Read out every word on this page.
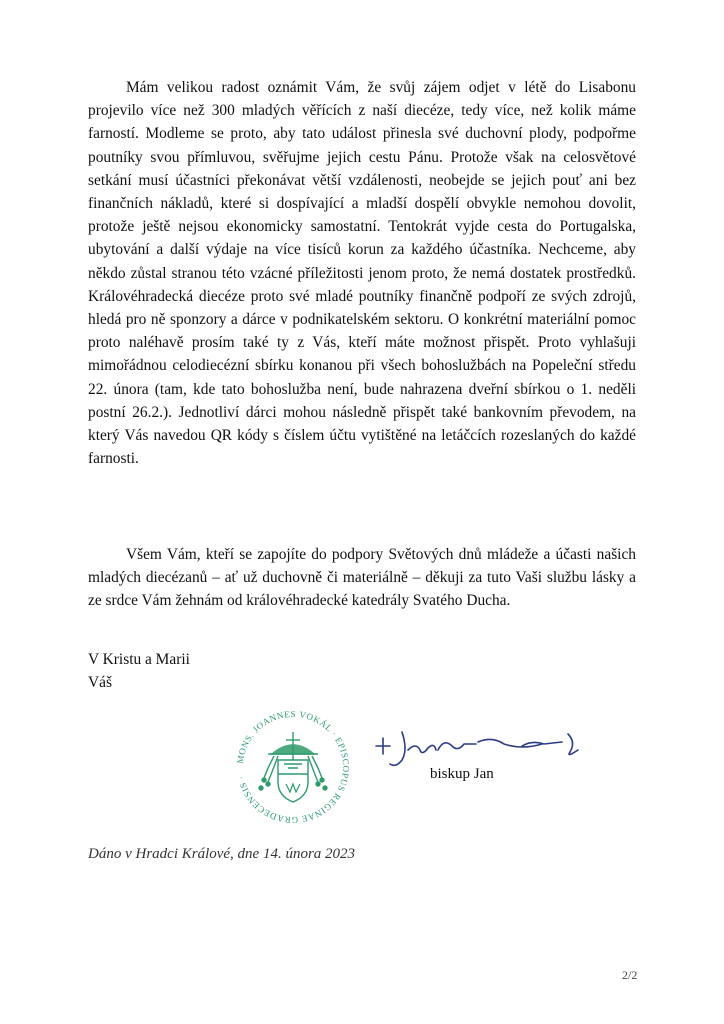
Mám velikou radost oznámit Vám, že svůj zájem odjet v létě do Lisabonu projevilo více než 300 mladých věřících z naší diecéze, tedy více, než kolik máme farností. Modleme se proto, aby tato událost přinesla své duchovní plody, podpořme poutníky svou přímluvou, svěřujme jejich cestu Pánu. Protože však na celosvětové setkání musí účastníci překonávat větší vzdálenosti, neobejde se jejich pouť ani bez finančních nákladů, které si dospívající a mladší dospělí obvykle nemohou dovolit, protože ještě nejsou ekonomicky samostatní. Tentokrát vyjde cesta do Portugalska, ubytování a další výdaje na více tisíců korun za každého účastníka. Nechceme, aby někdo zůstal stranou této vzácné příležitosti jenom proto, že nemá dostatek prostředků. Královéhradecká diecéze proto své mladé poutníky finančně podpoří ze svých zdrojů, hledá pro ně sponzory a dárce v podnikatelském sektoru. O konkrétní materiální pomoc proto naléhavě prosím také ty z Vás, kteří máte možnost přispět. Proto vyhlašuji mimořádnou celodiecézní sbírku konanou při všech bohoslužbách na Popeleční středu 22. února (tam, kde tato bohoslužba není, bude nahrazena dveřní sbírkou o 1. neděli postní 26.2.). Jednotliví dárci mohou následně přispět také bankovním převodem, na který Vás navedou QR kódy s číslem účtu vytištěné na letáčcích rozeslaných do každé farnosti.

Všem Vám, kteří se zapojíte do podpory Světových dnů mládeže a účasti našich mladých diecézanů – ať už duchovně či materiálně – děkuji za tuto Vaši službu lásky a ze srdce Vám žehnám od královéhradecké katedrály Svatého Ducha.

V Kristu a Marii
Váš
MONS. JOANNES VOKÁL · EPISCOPUS REGINAE GRADECENSIS ·	biskup Jan
Dáno v Hradci Králové, dne 14. února 2023
2/2
